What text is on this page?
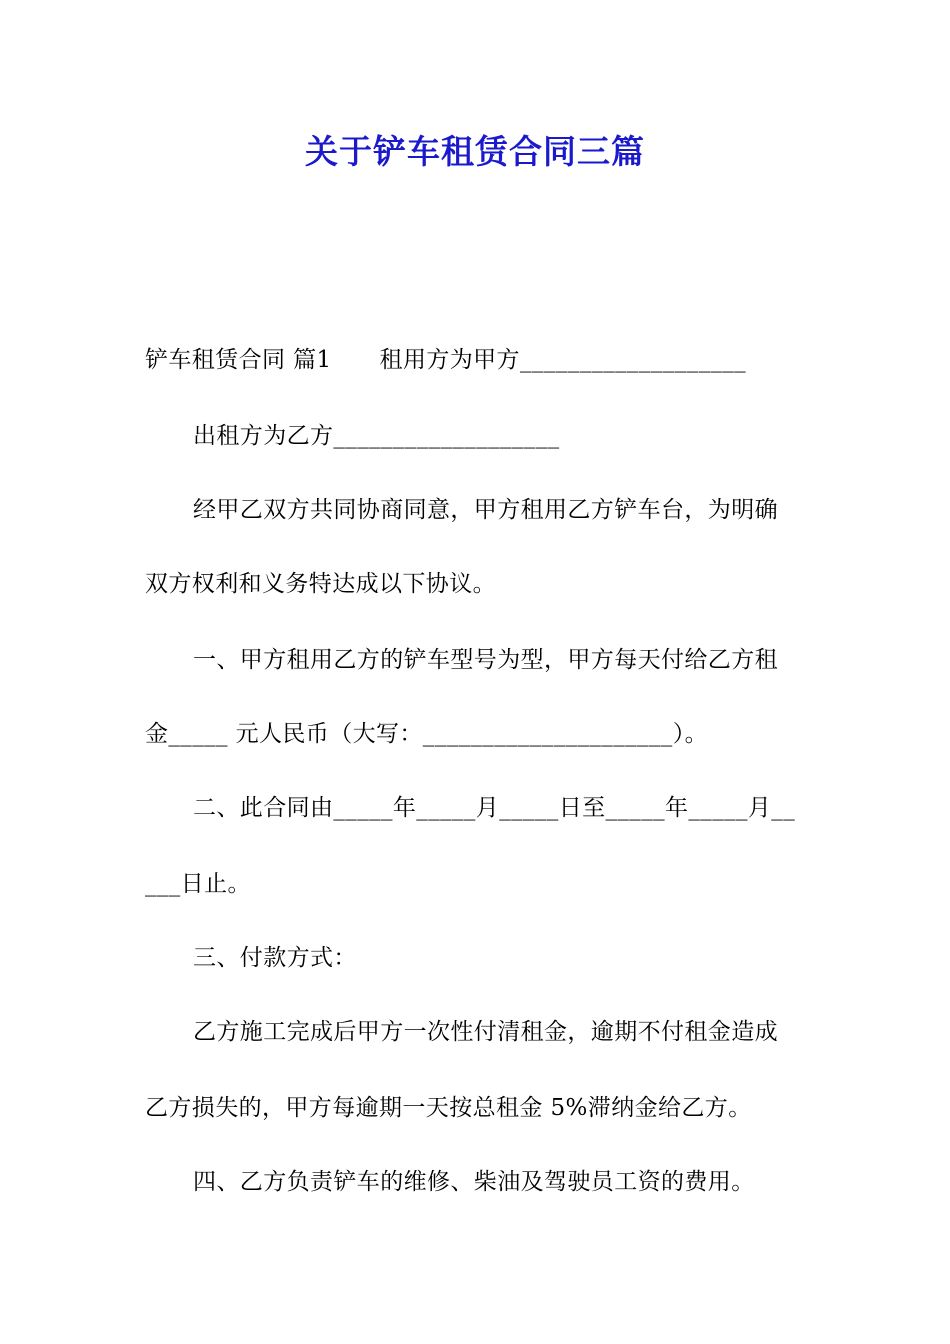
关于铲车租赁合同三篇
铲车租赁合同 篇1 租用方为甲方___________________
出租方为乙方___________________
经甲乙双方共同协商同意，甲方租用乙方铲车台，为明确
双方权利和义务特达成以下协议。
一、甲方租用乙方的铲车型号为型，甲方每天付给乙方租
金_____ 元人民币（大写：_____________________）。
二、此合同由_____年_____月_____日至_____年_____月__
___日止。
三、付款方式：
乙方施工完成后甲方一次性付清租金，逾期不付租金造成
乙方损失的，甲方每逾期一天按总租金 5%滞纳金给乙方。
四、乙方负责铲车的维修、柴油及驾驶员工资的费用。
